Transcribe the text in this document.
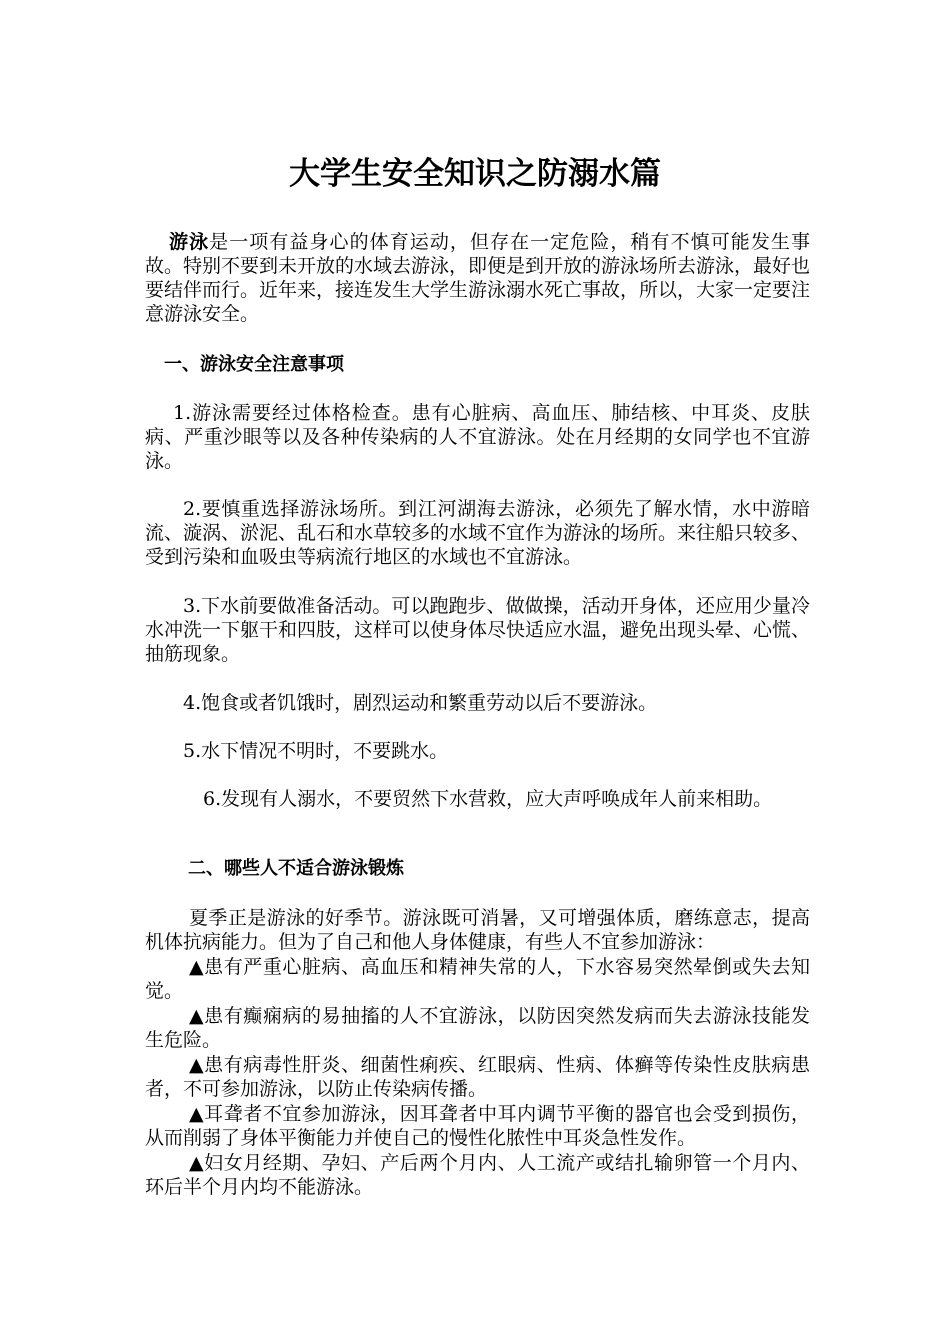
大学生安全知识之防溺水篇

游泳是一项有益身心的体育运动，但存在一定危险，稍有不慎可能发生事故。特别不要到未开放的水域去游泳，即便是到开放的游泳场所去游泳，最好也要结伴而行。近年来，接连发生大学生游泳溺水死亡事故，所以，大家一定要注意游泳安全。

一、游泳安全注意事项

1.游泳需要经过体格检查。患有心脏病、高血压、肺结核、中耳炎、皮肤病、严重沙眼等以及各种传染病的人不宜游泳。处在月经期的女同学也不宜游泳。

2.要慎重选择游泳场所。到江河湖海去游泳，必须先了解水情，水中游暗流、漩涡、淤泥、乱石和水草较多的水域不宜作为游泳的场所。来往船只较多、受到污染和血吸虫等病流行地区的水域也不宜游泳。

3.下水前要做准备活动。可以跑跑步、做做操，活动开身体，还应用少量冷水冲洗一下躯干和四肢，这样可以使身体尽快适应水温，避免出现头晕、心慌、抽筋现象。

4.饱食或者饥饿时，剧烈运动和繁重劳动以后不要游泳。

5.水下情况不明时，不要跳水。

6.发现有人溺水，不要贸然下水营救，应大声呼唤成年人前来相助。

二、哪些人不适合游泳锻炼

夏季正是游泳的好季节。游泳既可消暑，又可增强体质，磨练意志，提高机体抗病能力。但为了自己和他人身体健康，有些人不宜参加游泳：

▲患有严重心脏病、高血压和精神失常的人，下水容易突然晕倒或失去知觉。

▲患有癫痫病的易抽搐的人不宜游泳，以防因突然发病而失去游泳技能发生危险。

▲患有病毒性肝炎、细菌性痢疾、红眼病、性病、体癣等传染性皮肤病患者，不可参加游泳，以防止传染病传播。

▲耳聋者不宜参加游泳，因耳聋者中耳内调节平衡的器官也会受到损伤，从而削弱了身体平衡能力并使自己的慢性化脓性中耳炎急性发作。

▲妇女月经期、孕妇、产后两个月内、人工流产或结扎输卵管一个月内、环后半个月内均不能游泳。
